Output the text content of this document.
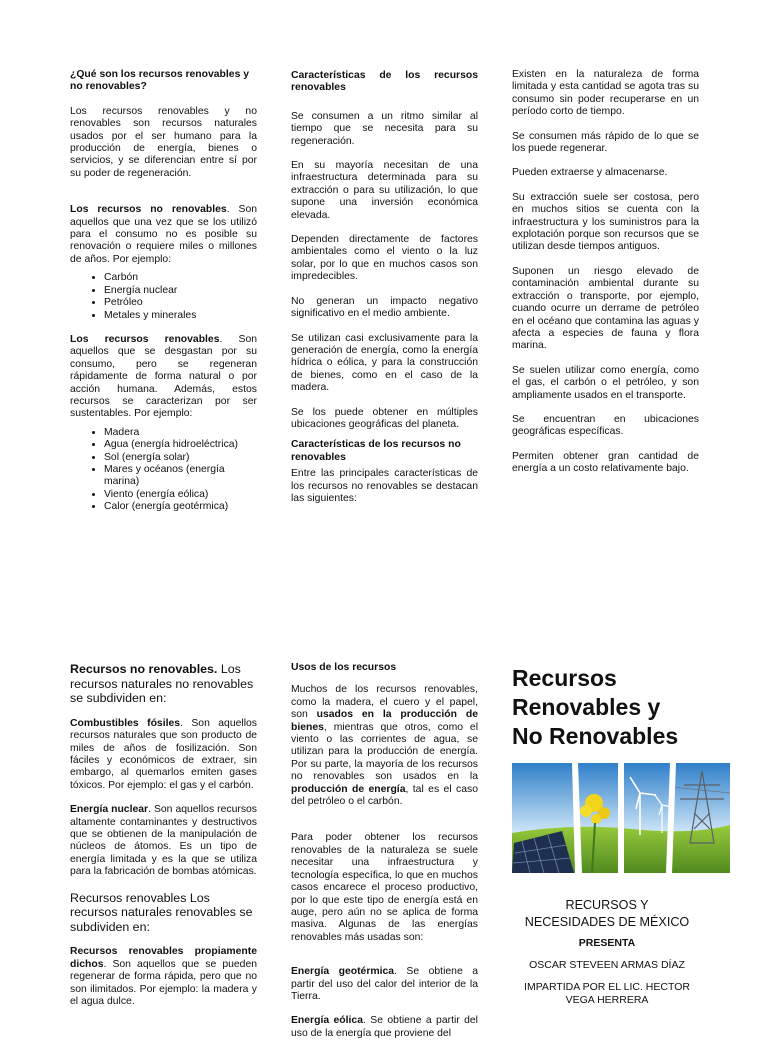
¿Qué son los recursos renovables y no renovables?

Los recursos renovables y no renovables son recursos naturales usados por el ser humano para la producción de energía, bienes o servicios, y se diferencian entre sí por su poder de regeneración.

Los recursos no renovables. Son aquellos que una vez que se los utilizó para el consumo no es posible su renovación o requiere miles o millones de años. Por ejemplo:

• Carbón
• Energía nuclear
• Petróleo
• Metales y minerales

Los recursos renovables. Son aquellos que se desgastan por su consumo, pero se regeneran rápidamente de forma natural o por acción humana. Además, estos recursos se caracterizan por ser sustentables. Por ejemplo:

• Madera
• Agua (energía hidroeléctrica)
• Sol (energía solar)
• Mares y océanos (energía marina)
• Viento (energía eólica)
• Calor (energía geotérmica)

Características de los recursos renovables

Se consumen a un ritmo similar al tiempo que se necesita para su regeneración.

En su mayoría necesitan de una infraestructura determinada para su extracción o para su utilización, lo que supone una inversión económica elevada.

Dependen directamente de factores ambientales como el viento o la luz solar, por lo que en muchos casos son impredecibles.

No generan un impacto negativo significativo en el medio ambiente.

Se utilizan casi exclusivamente para la generación de energía, como la energía hídrica o eólica, y para la construcción de bienes, como en el caso de la madera.

Se los puede obtener en múltiples ubicaciones geográficas del planeta.

Características de los recursos no renovables

Entre las principales características de los recursos no renovables se destacan las siguientes:

Existen en la naturaleza de forma limitada y esta cantidad se agota tras su consumo sin poder recuperarse en un período corto de tiempo.

Se consumen más rápido de lo que se los puede regenerar.

Pueden extraerse y almacenarse.

Su extracción suele ser costosa, pero en muchos sitios se cuenta con la infraestructura y los suministros para la explotación porque son recursos que se utilizan desde tiempos antiguos.

Suponen un riesgo elevado de contaminación ambiental durante su extracción o transporte, por ejemplo, cuando ocurre un derrame de petróleo en el océano que contamina las aguas y afecta a especies de fauna y flora marina.

Se suelen utilizar como energía, como el gas, el carbón o el petróleo, y son ampliamente usados en el transporte.

Se encuentran en ubicaciones geográficas específicas.

Permiten obtener gran cantidad de energía a un costo relativamente bajo.

Recursos no renovables. Los recursos naturales no renovables se subdividen en:

Combustibles fósiles. Son aquellos recursos naturales que son producto de miles de años de fosilización. Son fáciles y económicos de extraer, sin embargo, al quemarlos emiten gases tóxicos. Por ejemplo: el gas y el carbón.

Energía nuclear. Son aquellos recursos altamente contaminantes y destructivos que se obtienen de la manipulación de núcleos de átomos. Es un tipo de energía limitada y es la que se utiliza para la fabricación de bombas atómicas.

Recursos renovables Los recursos naturales renovables se subdividen en:

Recursos renovables propiamente dichos. Son aquellos que se pueden regenerar de forma rápida, pero que no son ilimitados. Por ejemplo: la madera y el agua dulce.

Usos de los recursos

Muchos de los recursos renovables, como la madera, el cuero y el papel, son usados en la producción de bienes, mientras que otros, como el viento o las corrientes de agua, se utilizan para la producción de energía. Por su parte, la mayoría de los recursos no renovables son usados en la producción de energía, tal es el caso del petróleo o el carbón.

Para poder obtener los recursos renovables de la naturaleza se suele necesitar una infraestructura y tecnología específica, lo que en muchos casos encarece el proceso productivo, por lo que este tipo de energía está en auge, pero aún no se aplica de forma masiva. Algunas de las energías renovables más usadas son:

Energía geotérmica. Se obtiene a partir del uso del calor del interior de la Tierra.

Energía eólica. Se obtiene a partir del uso de la energía que proviene del

Recursos
Renovables y
No Renovables
RECURSOS Y
NECESIDADES DE MÉXICO
PRESENTA
OSCAR STEVEEN ARMAS DÍAZ
IMPARTIDA POR EL LIC. HECTOR
VEGA HERRERA
